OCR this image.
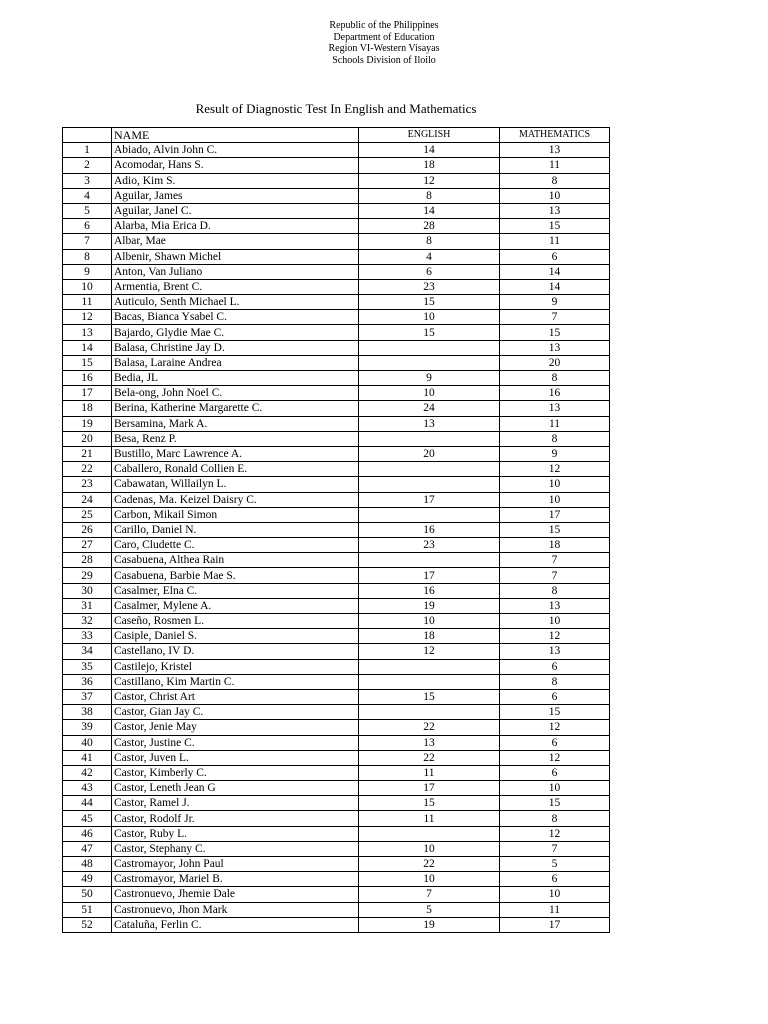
Republic of the Philippines
Department of Education
Region VI-Western Visayas
Schools Division of Iloilo
Result of Diagnostic Test In English and Mathematics
	NAME	ENGLISH	MATHEMATICS
1	Abiado, Alvin John C.	14	13
2	Acomodar, Hans S.	18	11
3	Adio, Kim S.	12	8
4	Aguilar, James	8	10
5	Aguilar, Janel C.	14	13
6	Alarba, Mia Erica D.	28	15
7	Albar, Mae	8	11
8	Albenir, Shawn Michel	4	6
9	Anton, Van Juliano	6	14
10	Armentia, Brent C.	23	14
11	Auticulo, Senth Michael L.	15	9
12	Bacas, Bianca Ysabel C.	10	7
13	Bajardo, Glydie Mae C.	15	15
14	Balasa, Christine Jay D.		13
15	Balasa, Laraine Andrea		20
16	Bedia, JL	9	8
17	Bela-ong, John Noel C.	10	16
18	Berina, Katherine Margarette C.	24	13
19	Bersamina, Mark A.	13	11
20	Besa, Renz P.		8
21	Bustillo, Marc Lawrence A.	20	9
22	Caballero, Ronald Collien E.		12
23	Cabawatan, Willailyn L.		10
24	Cadenas, Ma. Keizel Daisry C.	17	10
25	Carbon, Mikail Simon		17
26	Carillo, Daniel N.	16	15
27	Caro, Cludette C.	23	18
28	Casabuena, Althea Rain		7
29	Casabuena, Barbie Mae S.	17	7
30	Casalmer, Elna C.	16	8
31	Casalmer, Mylene A.	19	13
32	Caseño, Rosmen L.	10	10
33	Casiple, Daniel S.	18	12
34	Castellano, IV D.	12	13
35	Castilejo, Kristel		6
36	Castillano, Kim Martin C.		8
37	Castor, Christ Art	15	6
38	Castor, Gian Jay C.		15
39	Castor, Jenie May	22	12
40	Castor, Justine C.	13	6
41	Castor, Juven L.	22	12
42	Castor, Kimberly C.	11	6
43	Castor, Leneth Jean G	17	10
44	Castor, Ramel J.	15	15
45	Castor, Rodolf Jr.	11	8
46	Castor, Ruby L.		12
47	Castor, Stephany C.	10	7
48	Castromayor, John Paul	22	5
49	Castromayor, Mariel B.	10	6
50	Castronuevo, Jhemie Dale	7	10
51	Castronuevo, Jhon Mark	5	11
52	Cataluña, Ferlin C.	19	17
